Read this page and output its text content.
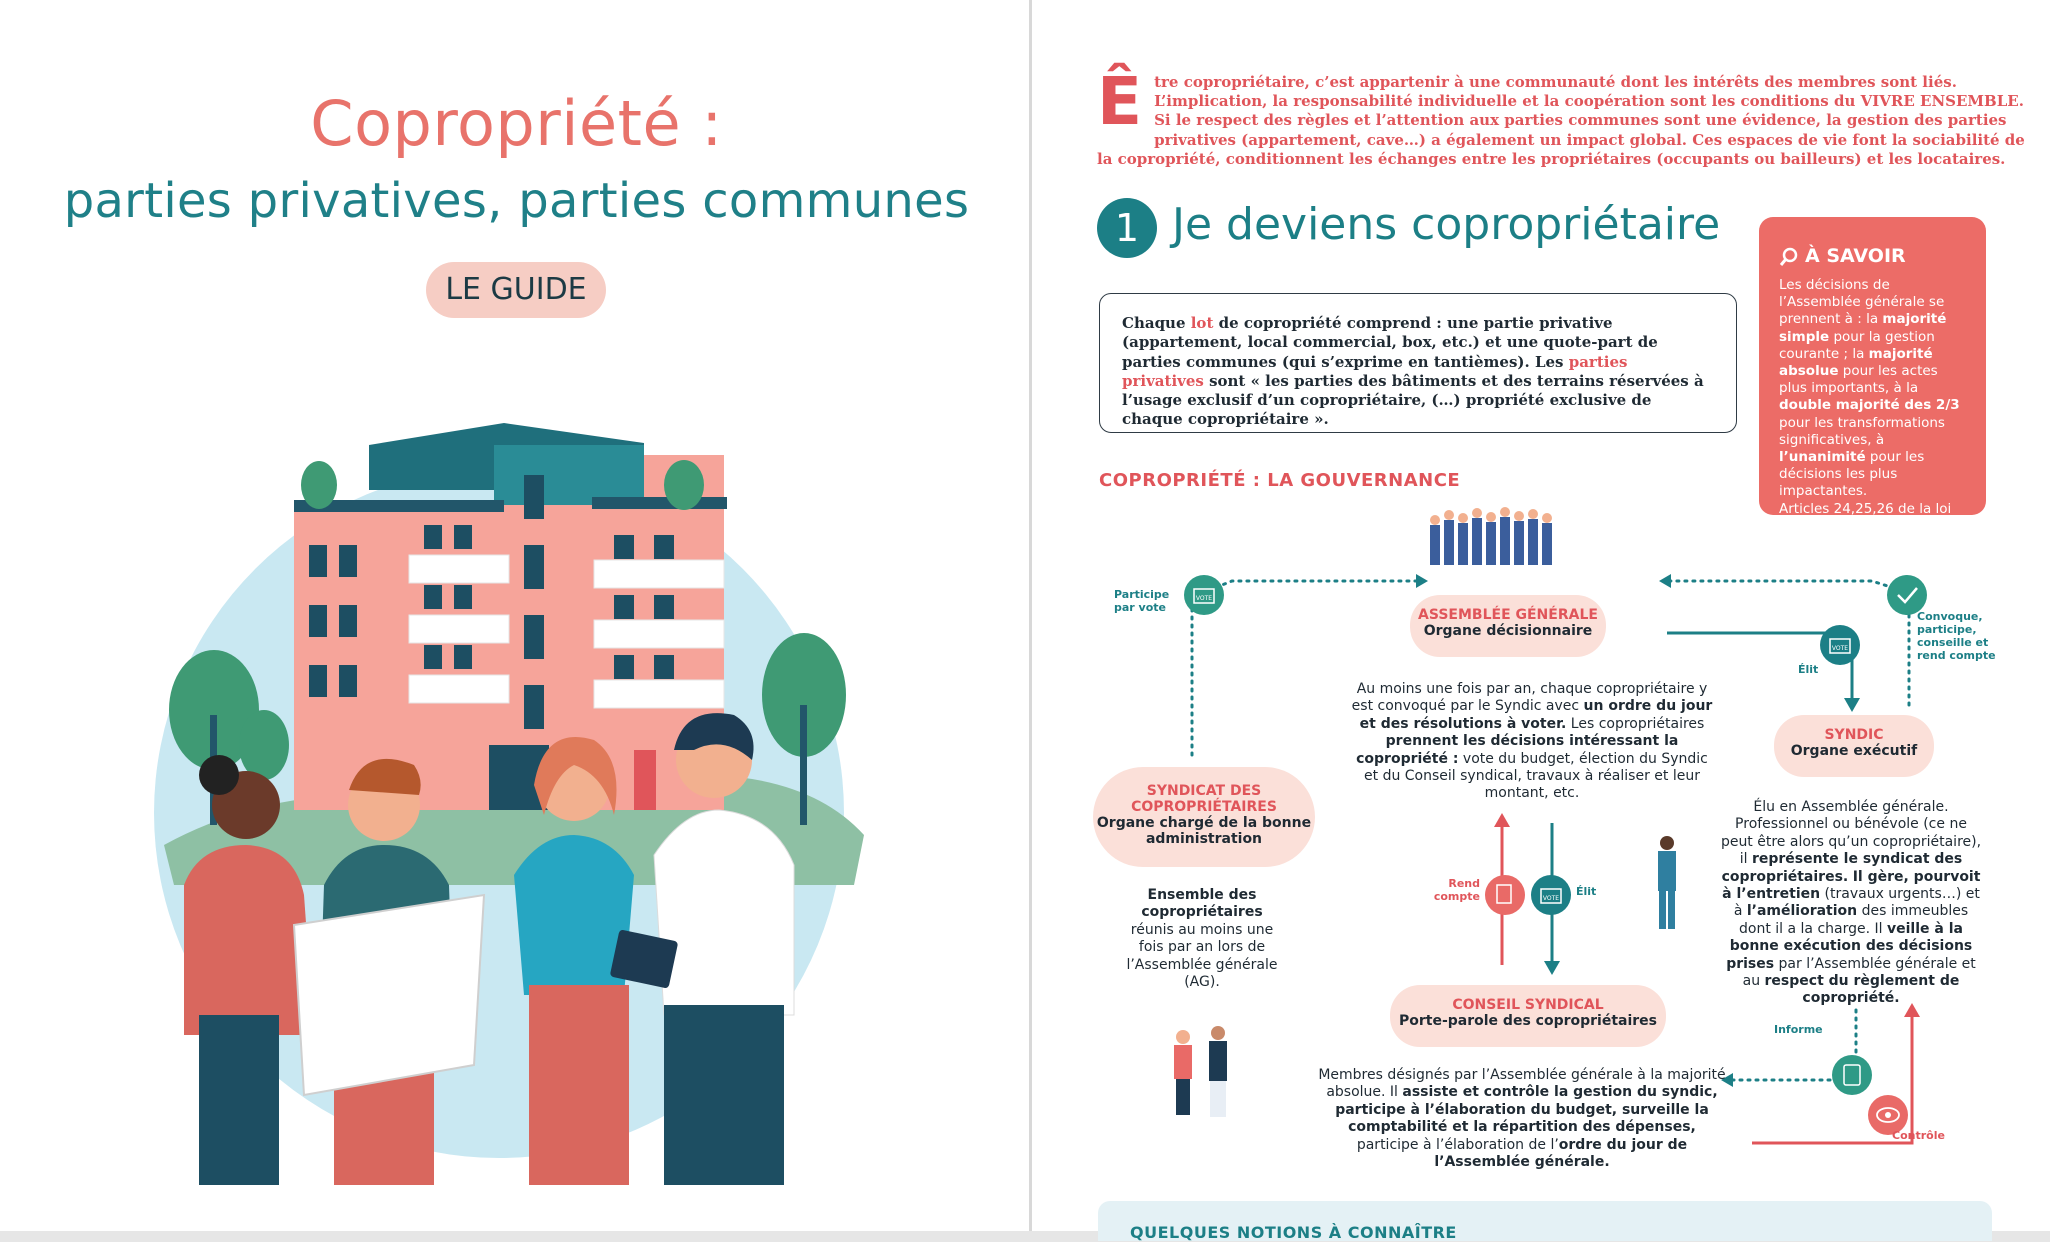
Copropriété :
parties privatives, parties communes
LE GUIDE
Être copropriétaire, c’est appartenir à une communauté dont les intérêts des membres sont liés. L’implication, la responsabilité individuelle et la coopération sont les conditions du VIVRE ENSEMBLE. Si le respect des règles et l’attention aux parties communes sont une évidence, la gestion des parties privatives (appartement, cave…) a également un impact global. Ces espaces de vie font la sociabilité de la copropriété, conditionnent les échanges entre les propriétaires (occupants ou bailleurs) et les locataires.
1 Je deviens copropriétaire
Chaque lot de copropriété comprend : une partie privative (appartement, local commercial, box, etc.) et une quote-part de parties communes (qui s’exprime en tantièmes). Les parties privatives sont « les parties des bâtiments et des terrains réservées à l’usage exclusif d’un copropriétaire, (…) propriété exclusive de chaque copropriétaire ».
À SAVOIR
Les décisions de l’Assemblée générale se prennent à : la majorité simple pour la gestion courante ; la majorité absolue pour les actes plus importants, à la double majorité des 2/3 pour les transformations significatives, à l’unanimité pour les décisions les plus impactantes.
Articles 24,25,26 de la loi du 10 juillet 1965.
COPROPRIÉTÉ : LA GOUVERNANCE
VOTE
VOTE
VOTE
ASSEMBLÉE GÉNÉRALE
Organe décisionnaire
Au moins une fois par an, chaque copropriétaire y est convoqué par le Syndic avec un ordre du jour et des résolutions à voter. Les copropriétaires prennent les décisions intéressant la copropriété : vote du budget, élection du Syndic et du Conseil syndical, travaux à réaliser et leur montant, etc.
SYNDICAT DES
COPROPRIÉTAIRES
Organe chargé de la bonne administration
Ensemble des copropriétaires réunis au moins une fois par an lors de l’Assemblée générale (AG).
SYNDIC
Organe exécutif
Élu en Assemblée générale. Professionnel ou bénévole (ce ne peut être alors qu’un copropriétaire), il représente le syndicat des copropriétaires. Il gère, pourvoit à l’entretien (travaux urgents…) et à l’amélioration des immeubles dont il a la charge. Il veille à la bonne exécution des décisions prises par l’Assemblée générale et au respect du règlement de copropriété.
CONSEIL SYNDICAL
Porte-parole des copropriétaires
Membres désignés par l’Assemblée générale à la majorité absolue. Il assiste et contrôle la gestion du syndic, participe à l’élaboration du budget, surveille la comptabilité et la répartition des dépenses, participe à l’élaboration de l’ordre du jour de l’Assemblée générale.
Participe par vote
Convoque, participe, conseille et rend compte
Élit
Rend compte	Élit
Informe
Contrôle
QUELQUES NOTIONS À CONNAÎTRE
